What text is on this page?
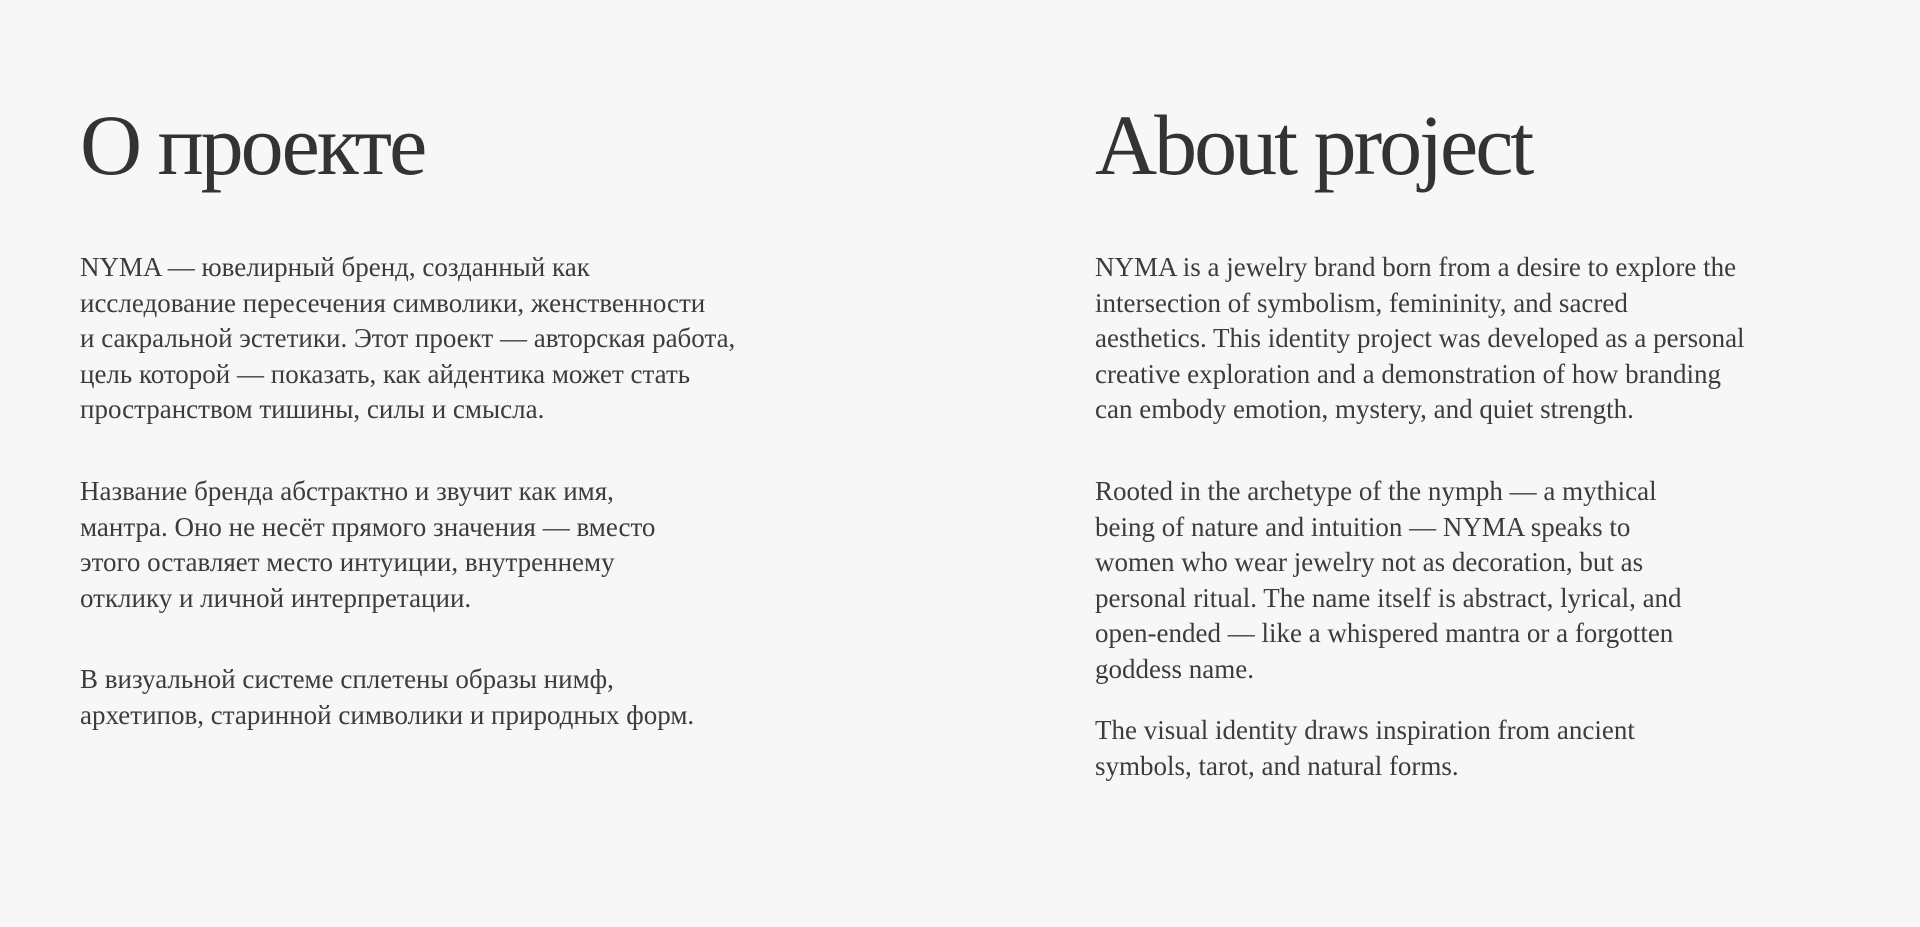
О проекте

NYMA — ювелирный бренд, созданный как
исследование пересечения символики, женственности
и сакральной эстетики. Этот проект — авторская работа,
цель которой — показать, как айдентика может стать
пространством тишины, силы и смысла.

Название бренда абстрактно и звучит как имя,
мантра. Оно не несёт прямого значения — вместо
этого оставляет место интуиции, внутреннему
отклику и личной интерпретации.

В визуальной системе сплетены образы нимф,
архетипов, старинной символики и природных форм.

About project

NYMA is a jewelry brand born from a desire to explore the
intersection of symbolism, femininity, and sacred
aesthetics. This identity project was developed as a personal
creative exploration and a demonstration of how branding
can embody emotion, mystery, and quiet strength.

Rooted in the archetype of the nymph — a mythical
being of nature and intuition — NYMA speaks to
women who wear jewelry not as decoration, but as
personal ritual. The name itself is abstract, lyrical, and
open-ended — like a whispered mantra or a forgotten
goddess name.

The visual identity draws inspiration from ancient
symbols, tarot, and natural forms.
